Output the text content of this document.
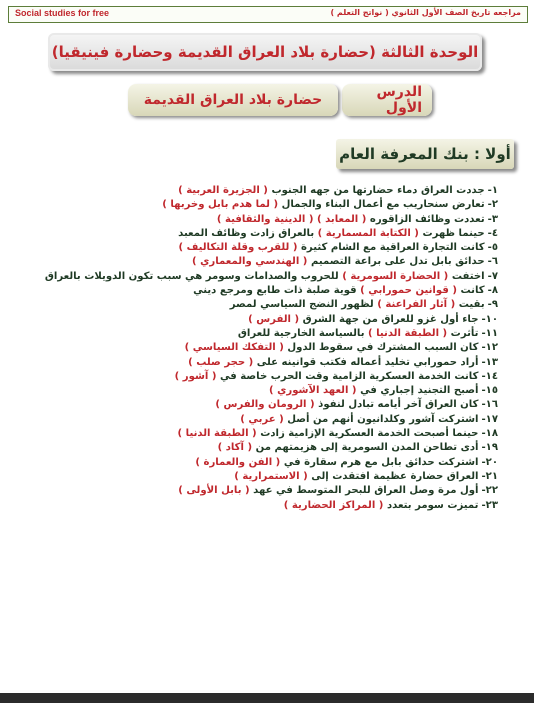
Social studies for free	مراجعه تاريخ الصف الأول الثانوي ( نواتج التعلم )
الوحدة الثالثة (حضارة بلاد العراق القديمة وحضارة فينيقيا)
الدرس الأول
حضارة بلاد العراق القديمة
أولا : بنك المعرفة العام
١-جددت العراق دماء حضارتها من جهه الجنوب ( الجزيرة العربية )
٢-تعارض سنحاريب مع أعمال البناء والجمال ( لما هدم بابل وخربها )
٣-تعددت وظائف الزاقوره ( المعابد ) ( الدينية والثقافية )
٤-حينما ظهرت ( الكتابة المسمارية ) بالعراق زادت وظائف المعبد
٥-كانت التجارة العراقية مع الشام كثيرة ( للقرب وقلة التكاليف )
٦-حدائق بابل تدل على براعة التصميم ( الهندسي والمعماري )
٧-اختفت ( الحضارة السومرية ) للحروب والصدامات وسومر هي سبب تكون الدويلات بالعراق
٨-كانت ( قوانين حمورابي ) قوية صلبة ذات طابع ومرجع ديني
٩-بقيت ( آثار الفراعنة ) لظهور النضج السياسي لمصر
١٠-جاء أول غزو للعراق من جهة الشرق ( الفرس )
١١-تأثرت ( الطبقة الدنيا ) بالسياسة الخارجية للعراق
١٢-كان السبب المشترك في سقوط الدول ( التفكك السياسي )
١٣-أراد حمورابي تخليد أعماله فكتب قوانينه على ( حجر صلب )
١٤-كانت الخدمة العسكرية الزامية وقت الحرب خاصة في ( آشور )
١٥-أصبح التجنيد إجباري في ( العهد الآشوري )
١٦-كان العراق آخر أيامه تبادل لنفوذ ( الرومان والفرس )
١٧-اشتركت آشور وكلدانيون أنهم من أصل ( عربي )
١٨-حينما أصبحت الخدمة العسكرية الإزامية زادت ( الطبقة الدنيا )
١٩-أدى تطاحن المدن السومرية إلى هزيمتهم من ( آكاد )
٢٠-اشتركت حدائق بابل مع هرم سقارة في ( الفن والعمارة )
٢١-العراق حضارة عظيمة افتقدت إلى ( الاستمرارية )
٢٢-أول مرة وصل العراق للبحر المتوسط في عهد ( بابل الأولى )
٢٣-تميزت سومر بتعدد ( المراكز الحضارية )
